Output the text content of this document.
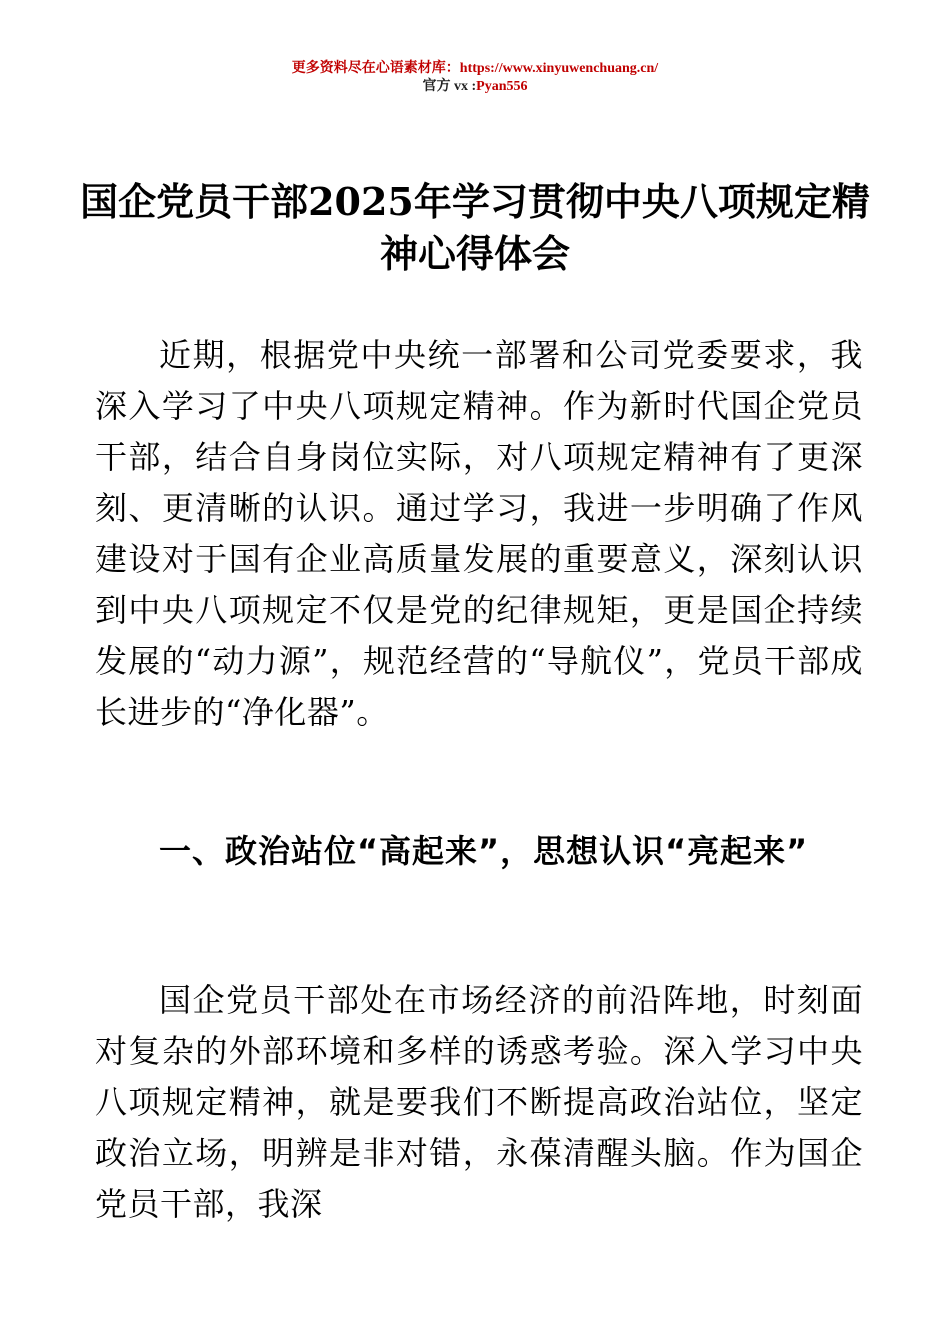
更多资料尽在心语素材库：https://www.xinyuwenchuang.cn/
官方 vx :Pyan556
国企党员干部2025年学习贯彻中央八项规定精神心得体会
近期，根据党中央统一部署和公司党委要求，我深入学习了中央八项规定精神。作为新时代国企党员干部，结合自身岗位实际，对八项规定精神有了更深刻、更清晰的认识。通过学习，我进一步明确了作风建设对于国有企业高质量发展的重要意义，深刻认识到中央八项规定不仅是党的纪律规矩，更是国企持续发展的“动力源”，规范经营的“导航仪”，党员干部成长进步的“净化器”。
一、政治站位“高起来”，思想认识“亮起来”
国企党员干部处在市场经济的前沿阵地，时刻面对复杂的外部环境和多样的诱惑考验。深入学习中央八项规定精神，就是要我们不断提高政治站位，坚定政治立场，明辨是非对错，永葆清醒头脑。作为国企党员干部，我深
